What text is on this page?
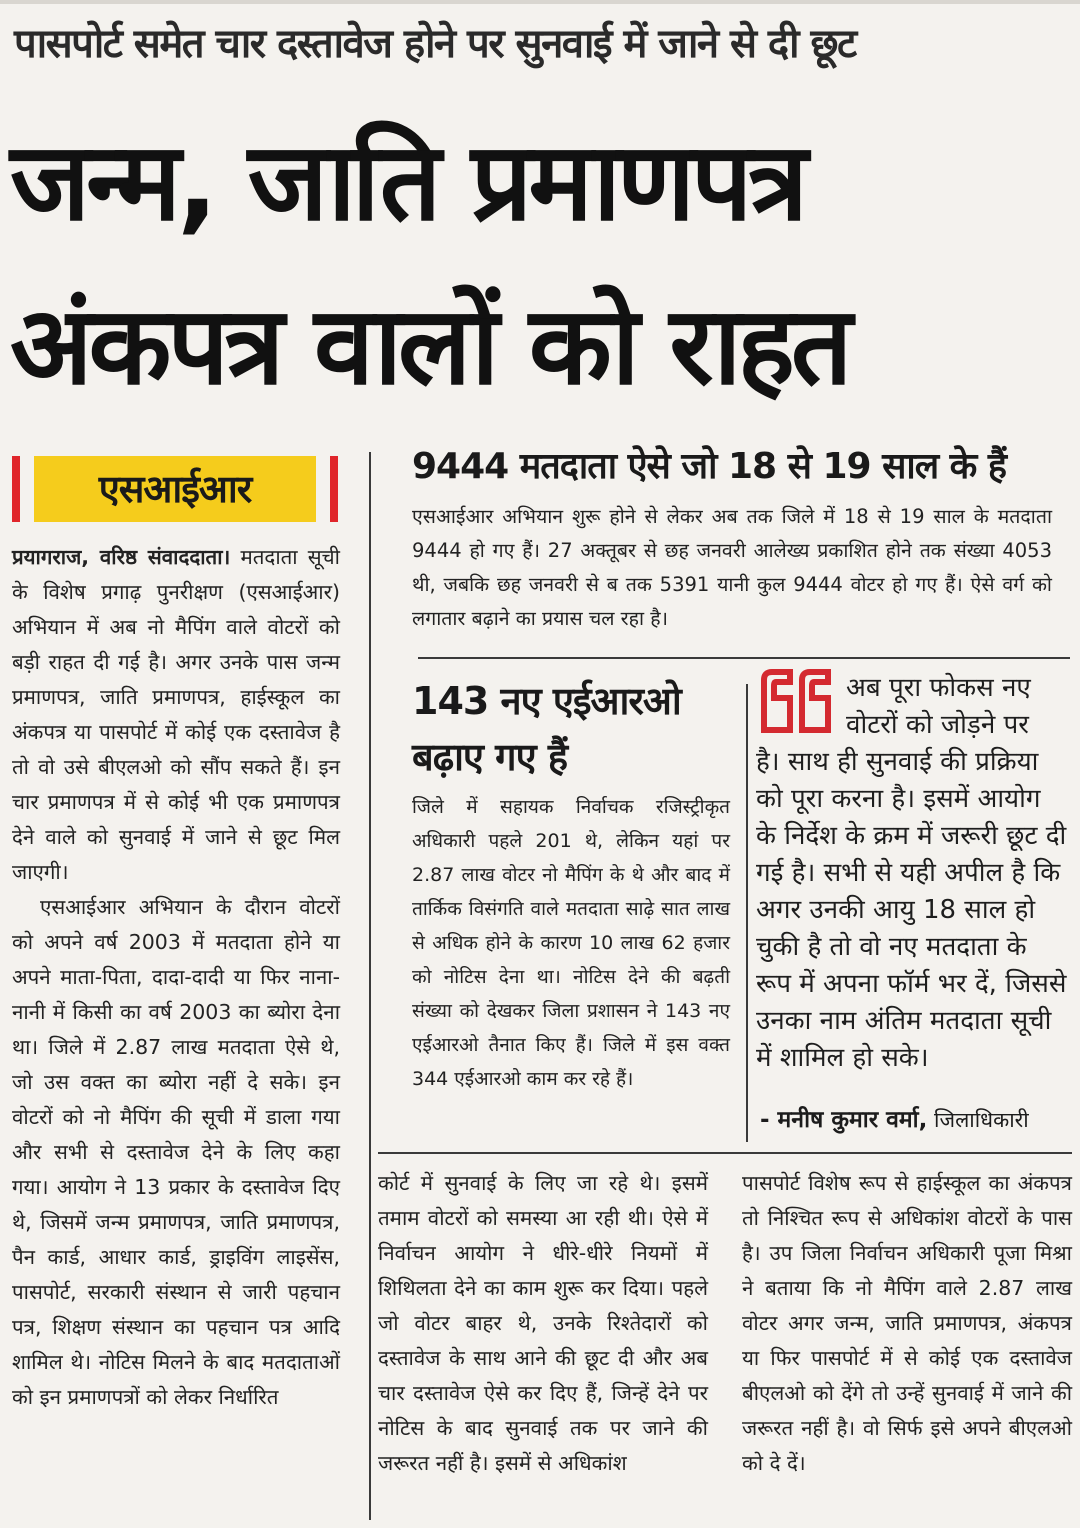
पासपोर्ट समेत चार दस्तावेज होने पर सुनवाई में जाने से दी छूट
जन्म, जाति प्रमाणपत्र
अंकपत्र वालों को राहत
एसआईआर

प्रयागराज, वरिष्ठ संवाददाता। मतदाता सूची के विशेष प्रगाढ़ पुनरीक्षण (एसआईआर) अभियान में अब नो मैपिंग वाले वोटरों को बड़ी राहत दी गई है। अगर उनके पास जन्म प्रमाणपत्र, जाति प्रमाणपत्र, हाईस्कूल का अंकपत्र या पासपोर्ट में कोई एक दस्तावेज है तो वो उसे बीएलओ को सौंप सकते हैं। इन चार प्रमाणपत्र में से कोई भी एक प्रमाणपत्र देने वाले को सुनवाई में जाने से छूट मिल जाएगी।

एसआईआर अभियान के दौरान वोटरों को अपने वर्ष 2003 में मतदाता होने या अपने माता-पिता, दादा-दादी या फिर नाना-नानी में किसी का वर्ष 2003 का ब्योरा देना था। जिले में 2.87 लाख मतदाता ऐसे थे, जो उस वक्त का ब्योरा नहीं दे सके। इन वोटरों को नो मैपिंग की सूची में डाला गया और सभी से दस्तावेज देने के लिए कहा गया। आयोग ने 13 प्रकार के दस्तावेज दिए थे, जिसमें जन्म प्रमाणपत्र, जाति प्रमाणपत्र, पैन कार्ड, आधार कार्ड, ड्राइविंग लाइसेंस, पासपोर्ट, सरकारी संस्थान से जारी पहचान पत्र, शिक्षण संस्थान का पहचान पत्र आदि शामिल थे। नोटिस मिलने के बाद मतदाताओं को इन प्रमाणपत्रों को लेकर निर्धारित

9444 मतदाता ऐसे जो 18 से 19 साल के हैं
एसआईआर अभियान शुरू होने से लेकर अब तक जिले में 18 से 19 साल के मतदाता 9444 हो गए हैं। 27 अक्तूबर से छह जनवरी आलेख्य प्रकाशित होने तक संख्या 4053 थी, जबकि छह जनवरी से ब तक 5391 यानी कुल 9444 वोटर हो गए हैं। ऐसे वर्ग को लगातार बढ़ाने का प्रयास चल रहा है।
143 नए एईआरओ
बढ़ाए गए हैं
जिले में सहायक निर्वाचक रजिस्ट्रीकृत अधिकारी पहले 201 थे, लेकिन यहां पर 2.87 लाख वोटर नो मैपिंग के थे और बाद में तार्किक विसंगति वाले मतदाता साढ़े सात लाख से अधिक होने के कारण 10 लाख 62 हजार को नोटिस देना था। नोटिस देने की बढ़ती संख्या को देखकर जिला प्रशासन ने 143 नए एईआरओ तैनात किए हैं। जिले में इस वक्त 344 एईआरओ काम कर रहे हैं।
अब पूरा फोकस नए वोटरों को जोड़ने पर
है। साथ ही सुनवाई की प्रक्रिया को पूरा करना है। इसमें आयोग के निर्देश के क्रम में जरूरी छूट दी गई है। सभी से यही अपील है कि अगर उनकी आयु 18 साल हो चुकी है तो वो नए मतदाता के रूप में अपना फॉर्म भर दें, जिससे उनका नाम अंतिम मतदाता सूची में शामिल हो सके।
- मनीष कुमार वर्मा, जिलाधिकारी
कोर्ट में सुनवाई के लिए जा रहे थे। इसमें तमाम वोटरों को समस्या आ रही थी। ऐसे में निर्वाचन आयोग ने धीरे-धीरे नियमों में शिथिलता देने का काम शुरू कर दिया। पहले जो वोटर बाहर थे, उनके रिश्तेदारों को दस्तावेज के साथ आने की छूट दी और अब चार दस्तावेज ऐसे कर दिए हैं, जिन्हें देने पर नोटिस के बाद सुनवाई तक पर जाने की जरूरत नहीं है। इसमें से अधिकांश
पासपोर्ट विशेष रूप से हाईस्कूल का अंकपत्र तो निश्चित रूप से अधिकांश वोटरों के पास है। उप जिला निर्वाचन अधिकारी पूजा मिश्रा ने बताया कि नो मैपिंग वाले 2.87 लाख वोटर अगर जन्म, जाति प्रमाणपत्र, अंकपत्र या फिर पासपोर्ट में से कोई एक दस्तावेज बीएलओ को देंगे तो उन्हें सुनवाई में जाने की जरूरत नहीं है। वो सिर्फ इसे अपने बीएलओ को दे दें।
